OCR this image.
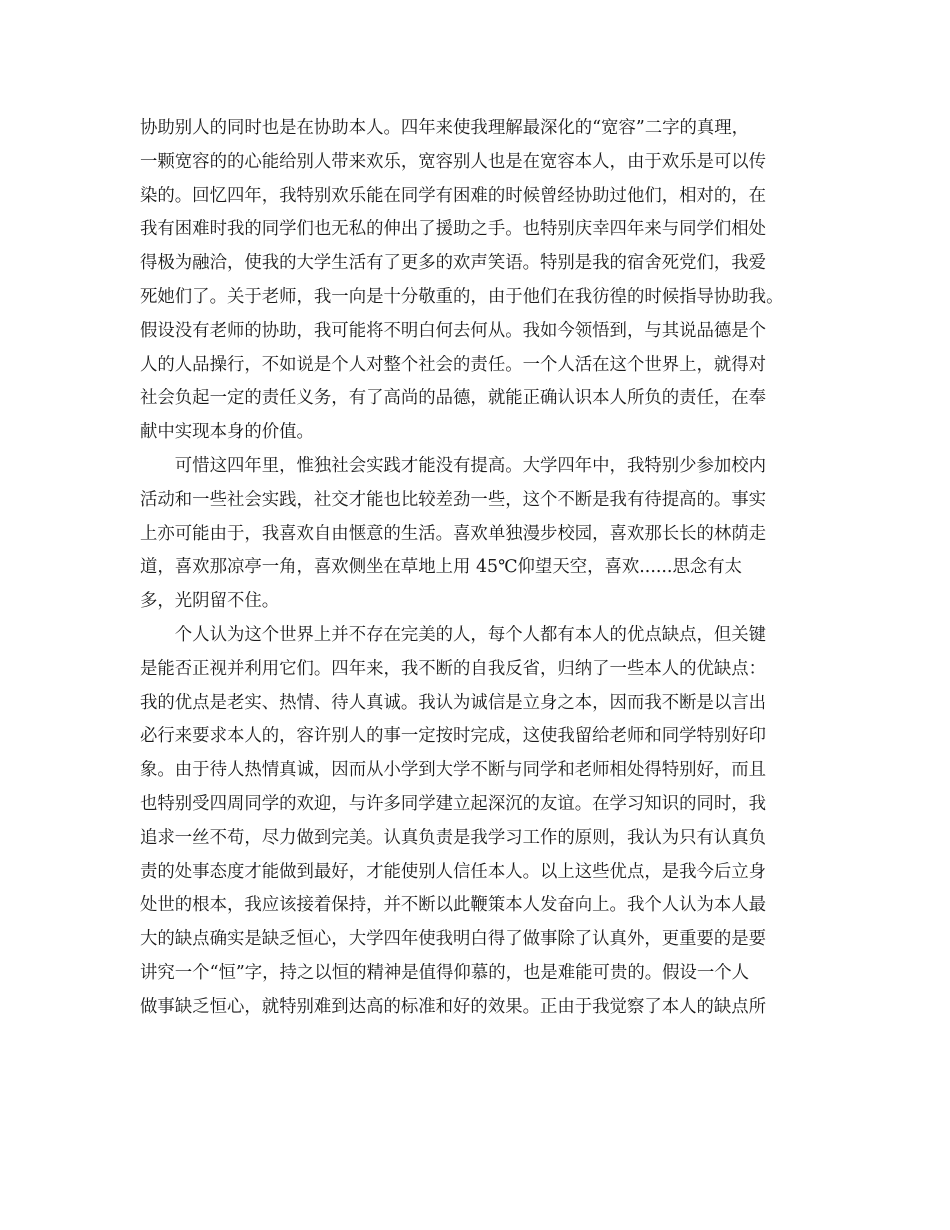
协助别人的同时也是在协助本人。四年来使我理解最深化的“宽容”二字的真理，
一颗宽容的的心能给别人带来欢乐，宽容别人也是在宽容本人，由于欢乐是可以传
染的。回忆四年，我特别欢乐能在同学有困难的时候曾经协助过他们，相对的，在
我有困难时我的同学们也无私的伸出了援助之手。也特别庆幸四年来与同学们相处
得极为融洽，使我的大学生活有了更多的欢声笑语。特别是我的宿舍死党们，我爱
死她们了。关于老师，我一向是十分敬重的，由于他们在我彷徨的时候指导协助我。
假设没有老师的协助，我可能将不明白何去何从。我如今领悟到，与其说品德是个
人的人品操行，不如说是个人对整个社会的责任。一个人活在这个世界上，就得对
社会负起一定的责任义务，有了高尚的品德，就能正确认识本人所负的责任，在奉
献中实现本身的价值。
　　可惜这四年里，惟独社会实践才能没有提高。大学四年中，我特别少参加校内
活动和一些社会实践，社交才能也比较差劲一些，这个不断是我有待提高的。事实
上亦可能由于，我喜欢自由惬意的生活。喜欢单独漫步校园，喜欢那长长的林荫走
道，喜欢那凉亭一角，喜欢侧坐在草地上用 45℃仰望天空，喜欢......思念有太
多，光阴留不住。
　　个人认为这个世界上并不存在完美的人，每个人都有本人的优点缺点，但关键
是能否正视并利用它们。四年来，我不断的自我反省，归纳了一些本人的优缺点：
我的优点是老实、热情、待人真诚。我认为诚信是立身之本，因而我不断是以言出
必行来要求本人的，容许别人的事一定按时完成，这使我留给老师和同学特别好印
象。由于待人热情真诚，因而从小学到大学不断与同学和老师相处得特别好，而且
也特别受四周同学的欢迎，与许多同学建立起深沉的友谊。在学习知识的同时，我
追求一丝不苟，尽力做到完美。认真负责是我学习工作的原则，我认为只有认真负
责的处事态度才能做到最好，才能使别人信任本人。以上这些优点，是我今后立身
处世的根本，我应该接着保持，并不断以此鞭策本人发奋向上。我个人认为本人最
大的缺点确实是缺乏恒心，大学四年使我明白得了做事除了认真外，更重要的是要
讲究一个“恒”字，持之以恒的精神是值得仰慕的，也是难能可贵的。假设一个人
做事缺乏恒心，就特别难到达高的标准和好的效果。正由于我觉察了本人的缺点所
